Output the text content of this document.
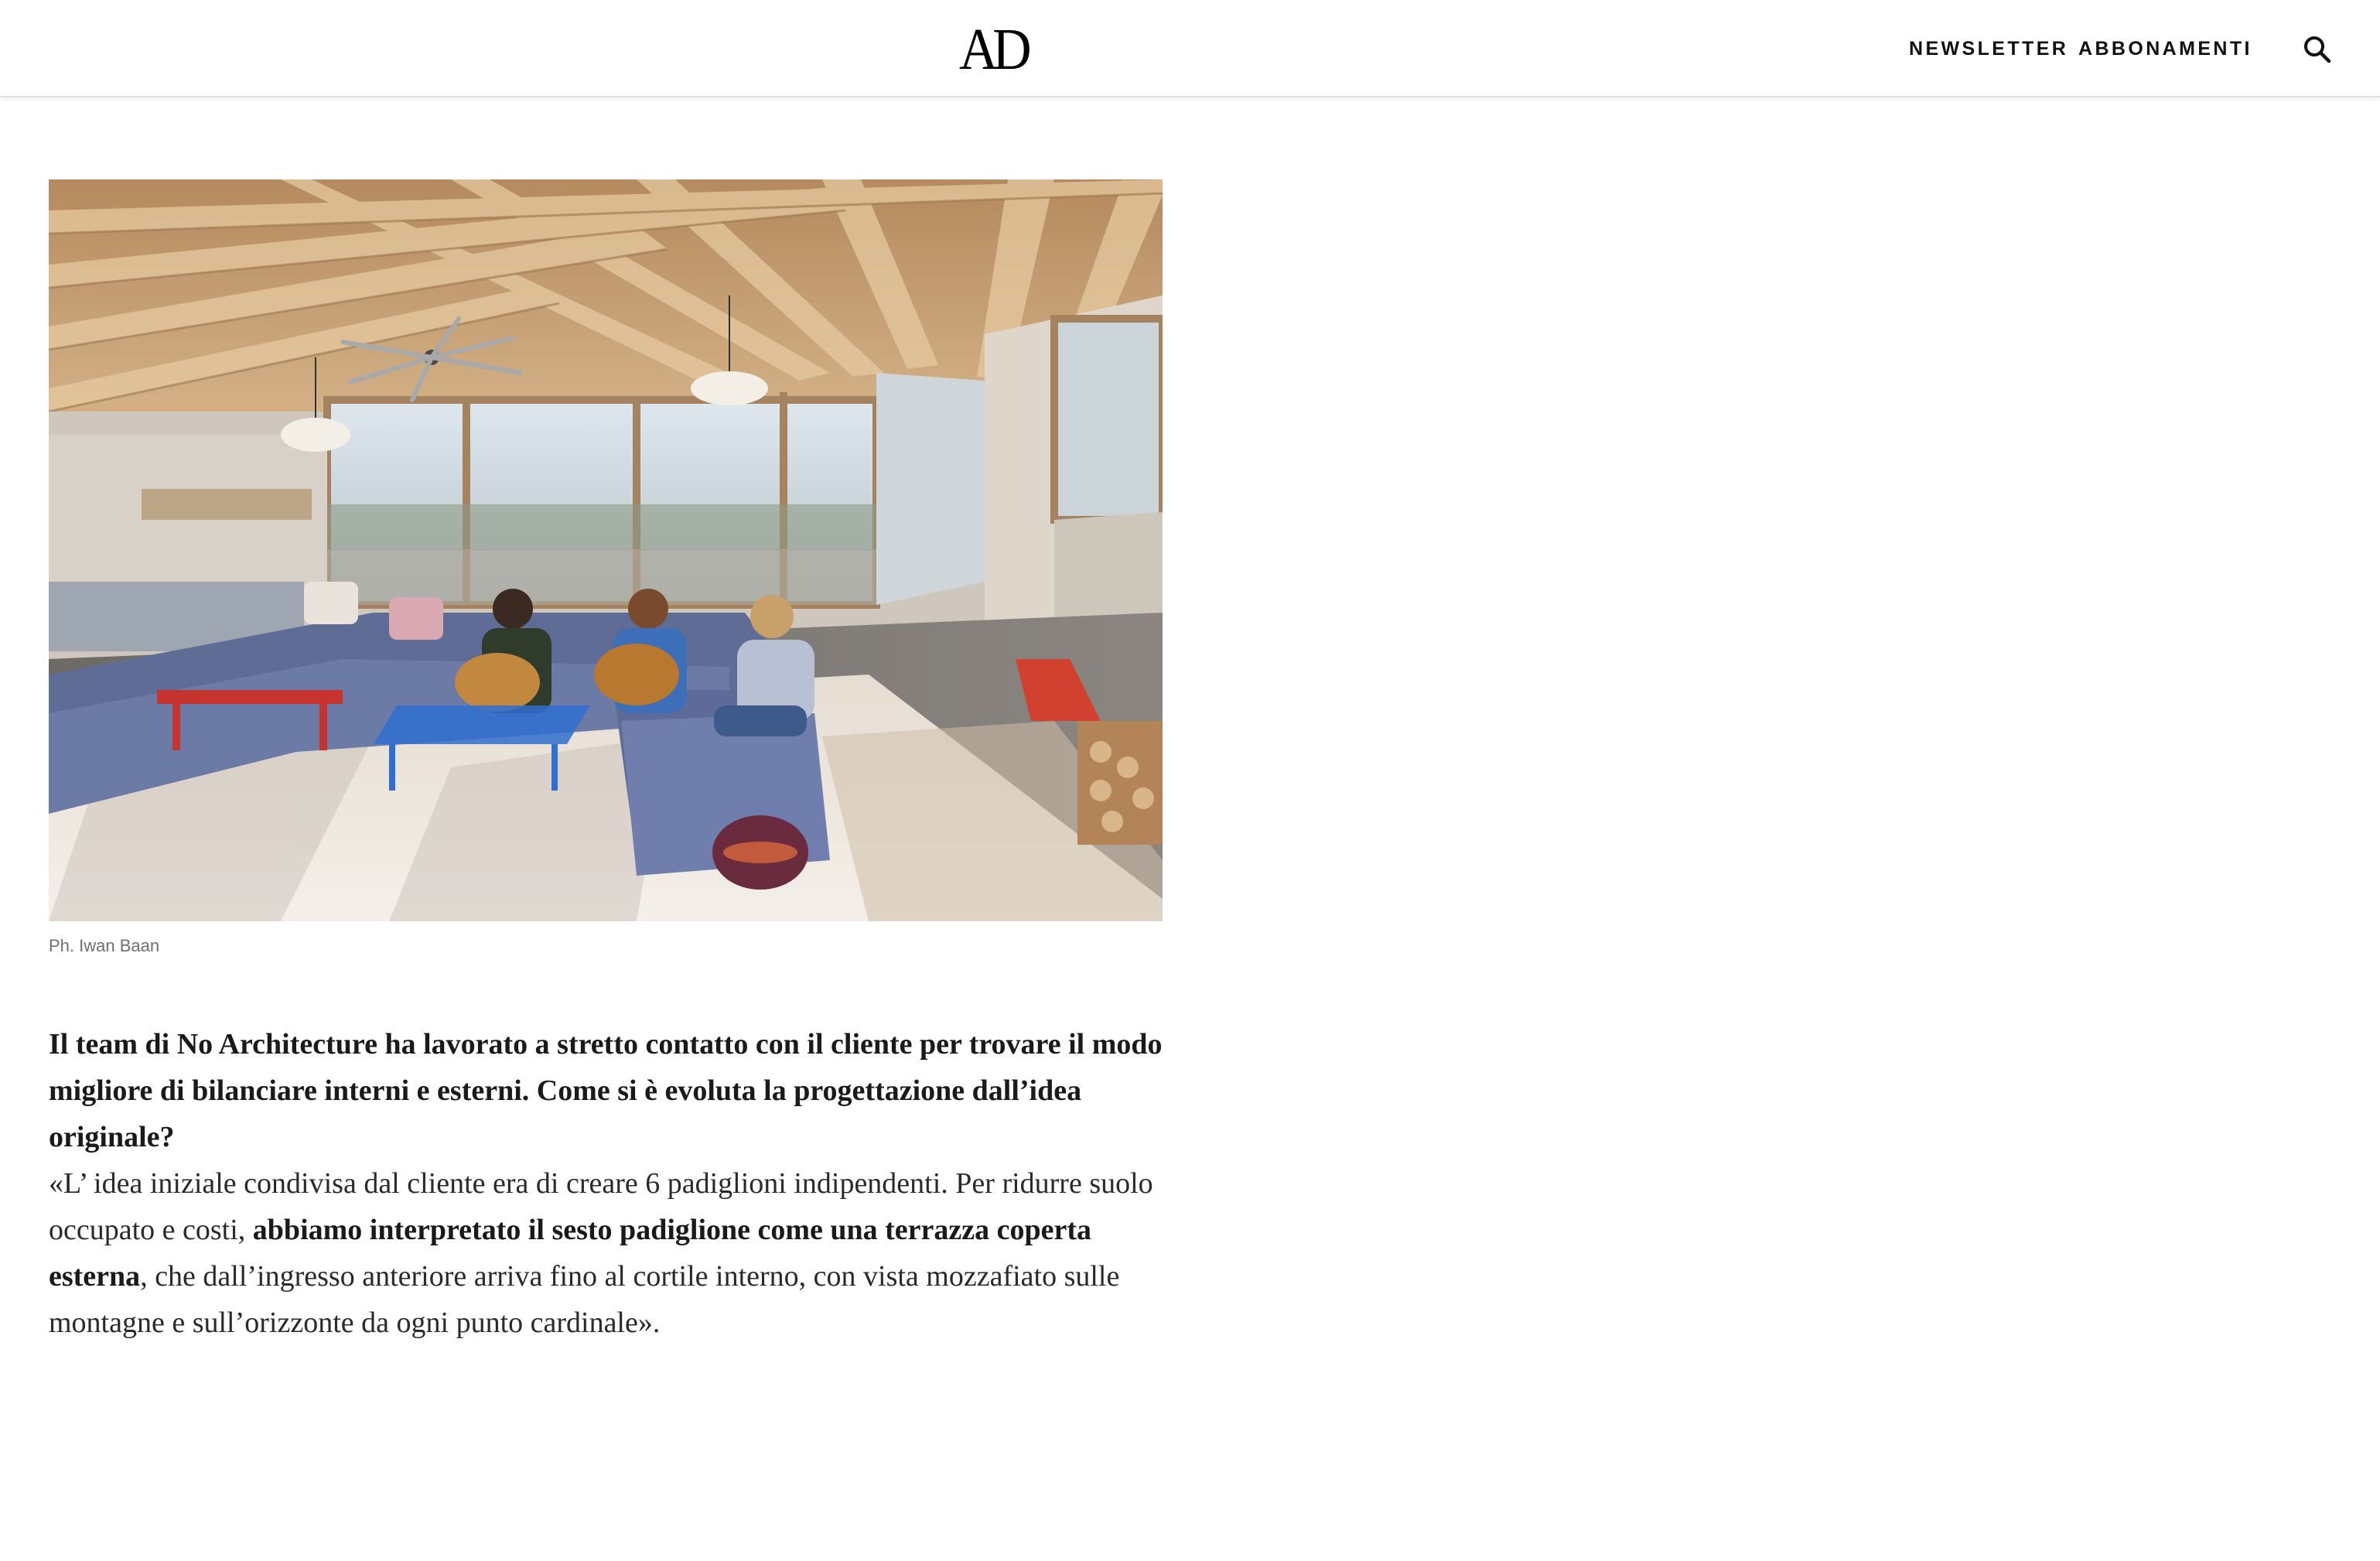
AD	NEWSLETTER ABBONAMENTI
Ph. Iwan Baan

Il team di No Architecture ha lavorato a stretto contatto con il cliente per trovare il modo migliore di bilanciare interni e esterni. Come si è evoluta la progettazione dall’idea originale?

«L’ idea iniziale condivisa dal cliente era di creare 6 padiglioni indipendenti. Per ridurre suolo occupato e costi, abbiamo interpretato il sesto padiglione come una terrazza coperta esterna, che dall’ingresso anteriore arriva fino al cortile interno, con vista mozzafiato sulle montagne e sull’orizzonte da ogni punto cardinale».
